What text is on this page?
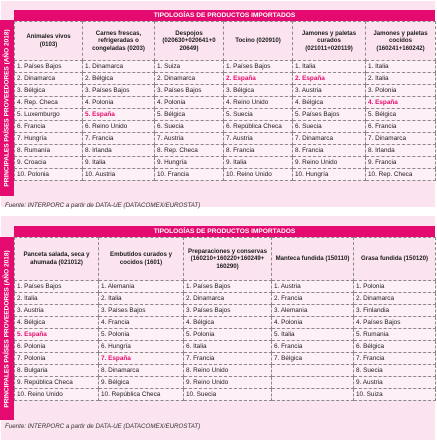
PRINCIPALES PAÍSES PROVEEDORES (AÑO 2018)
TIPOLOGÍAS DE PRODUCTOS IMPORTADOS
Animales vivos (0103)	Carnes frescas, refrigeradas o congeladas (0203)	Despojos (020630+020641+0 20649)	Tocino (020910)	Jamones y paletas curados (021011+020119)	Jamones y paletas cocidos (160241+160242)
1. Países Bajos	1. Dinamarca	1. Suiza	1. Países Bajos	1. Italia	1. Italia
2. Dinamarca	2. Bélgica	2. Dinamarca	2. España	2. España	2. Italia
3. Bélgica	3. Países Bajos	3. Países Bajos	3. Bélgica	3. Austria	3. Polonia
4. Rep. Checa	4. Polonia	4. Polonia	4. Reino Unido	4. Bélgica	4. España
5. Luxemburgo	5. España	5. Bélgica	5. Suecia	5. Países Bajos	5. Bélgica
6. Francia	6. Reino Unido	6. Suecia	6. República Checa	6. Suecia	6. Francia
7. Hungría	7. Francia	7. Austria	7. Austria	7. Dinamarca	7. Dinamarca
8. Rumanía	8. Irlanda	8. Rep. Checa	8. Francia	8. Francia	8. Irlanda
9. Croacia	9. Italia	9. Hungría	9. Italia	9. Reino Unido	9. Francia
10. Polonia	10. Austria	10. Francia	10. Reino Unido	10. Hungría	10. Rep. Checa
Fuente: INTERPORC a partir de DATA-UE (DATACOMEX/EUROSTAT)
PRINCIPALES PAÍSES PROVEEDORES (AÑO 2018)
TIPOLOGÍAS DE PRODUCTOS IMPORTADOS
Panceta salada, seca y ahumada (021012)	Embutidos curados y cocidos (1601)	Preparaciones y conservas (160210+160220+160249+ 160290)	Manteca fundida (150110)	Grasa fundida (150120)
1. Países Bajos	1. Alemania	1. Países Bajos	1. Austria	1. Polonia
2. Italia	2. Italia	2. Dinamarca	2. Francia	2. Dinamarca
3. Austria	3. Países Bajos	3. Países Bajos	3. Alemania	3. Finlandia
4. Bélgica	4. Francia	4. Bélgica	4. Polonia	4. Países Bajos
5. España	5. Polonia	5. Polonia	5. Italia	5. Rumania
6. Polonia	6. Hungría	6. Italia	6. Francia	6. Bélgica
7. Polonia	7. España	7. Francia	7. Bélgica	7. Francia
8. Bulgaria	8. Dinamarca	8. Reino Unido		8. Suecia
9. República Checa	9. Bélgica	9. Reino Unido		9. Austria
10. Reino Unido	10. República Checa	10. Suecia		10. Suiza
Fuente: INTERPORC a partir de DATA-UE (DATACOMEX/EUROSTAT)
